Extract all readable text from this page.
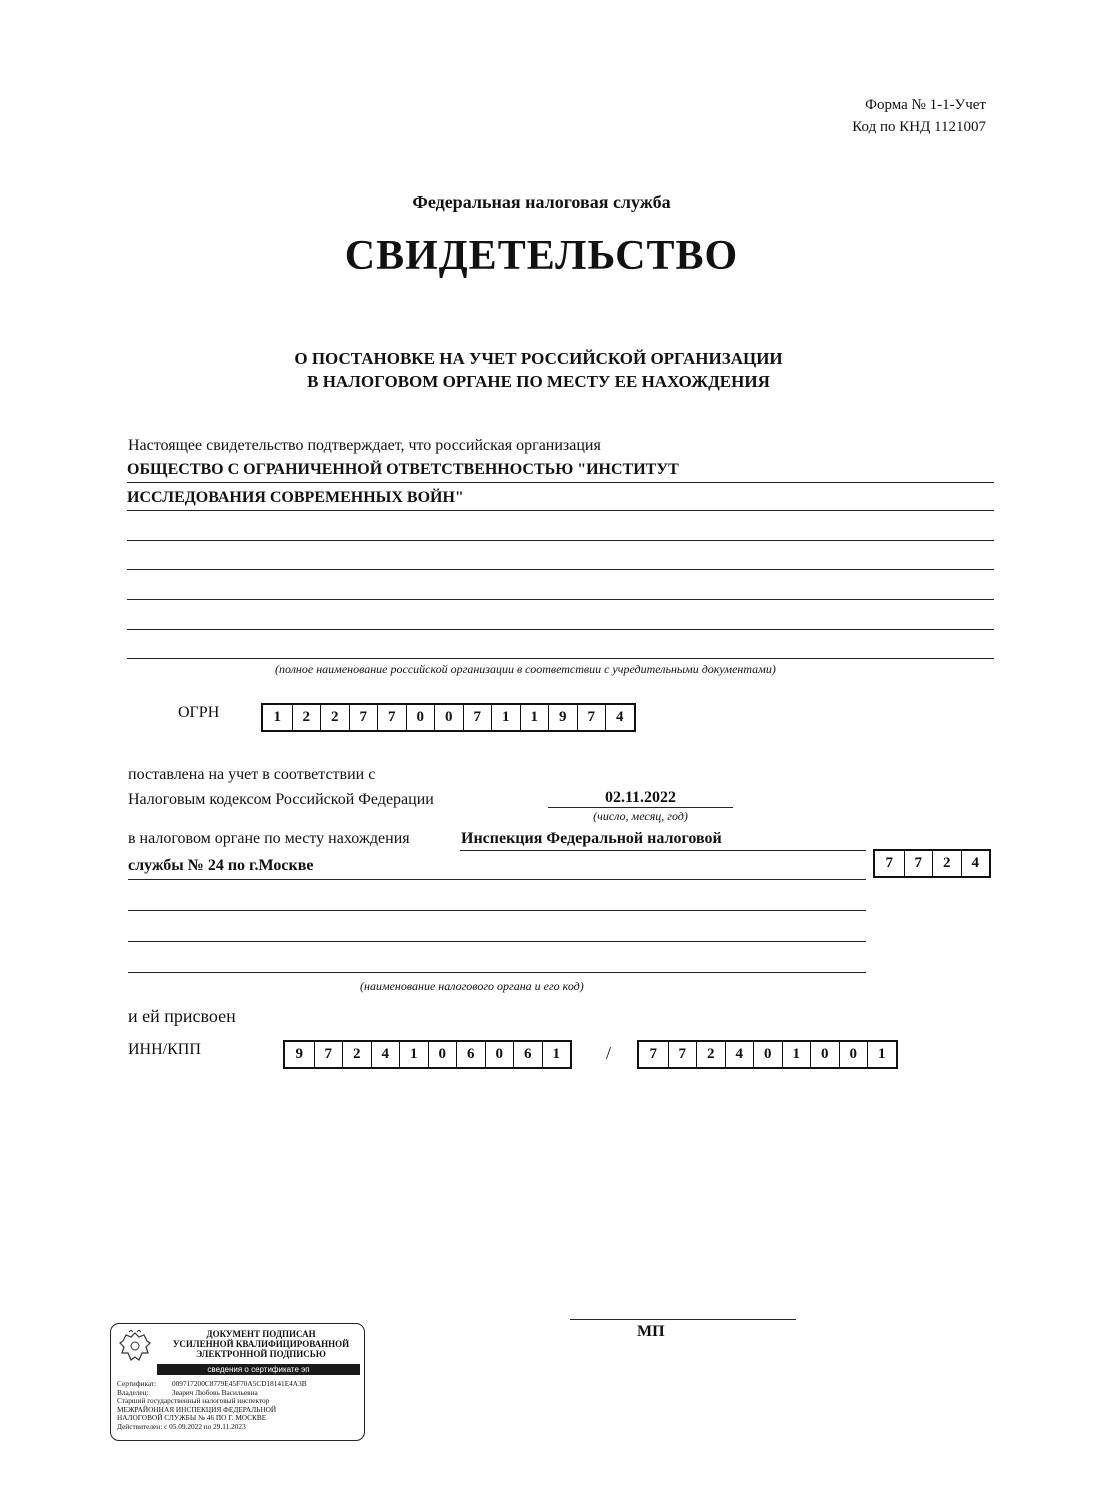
Форма № 1-1-Учет
Код по КНД 1121007
Федеральная налоговая служба
СВИДЕТЕЛЬСТВО
О ПОСТАНОВКЕ НА УЧЕТ РОССИЙСКОЙ ОРГАНИЗАЦИИ
В НАЛОГОВОМ ОРГАНЕ ПО МЕСТУ ЕЕ НАХОЖДЕНИЯ
Настоящее свидетельство подтверждает, что российская организация
ОБЩЕСТВО С ОГРАНИЧЕННОЙ ОТВЕТСТВЕННОСТЬЮ "ИНСТИТУТ
ИССЛЕДОВАНИЯ СОВРЕМЕННЫХ ВОЙН"
(полное наименование российской организации в соответствии с учредительными документами)
ОГРН	1	2	2	7	7	0	0	7	1	1	9	7	4
поставлена на учет в соответствии с
Налоговым кодексом Российской Федерации	02.11.2022
(число, месяц, год)
в налоговом органе по месту нахождения	Инспекция Федеральной налоговой
службы № 24 по г.Москве	7	7	2	4
(наименование налогового органа и его код)
и ей присвоен
ИНН/КПП	9	7	2	4	1	0	6	0	6	1	/	7	7	2	4	0	1	0	0	1
МП
ДОКУМЕНТ ПОДПИСАН
УСИЛЕННОЙ КВАЛИФИЦИРОВАННОЙ
ЭЛЕКТРОННОЙ ПОДПИСЬЮ
сведения о сертификате эп
Сертификат: 009717200C8779E45F70A5CD18141E4A3B
Владелец:	Зварич Любовь Васильевна
Старший государственный налоговый инспектор
МЕЖРАЙОННАЯ ИНСПЕКЦИЯ ФЕДЕРАЛЬНОЙ
НАЛОГОВОЙ СЛУЖБЫ № 46 ПО Г. МОСКВЕ
Действителен: с 05.09.2022 по 29.11.2023
